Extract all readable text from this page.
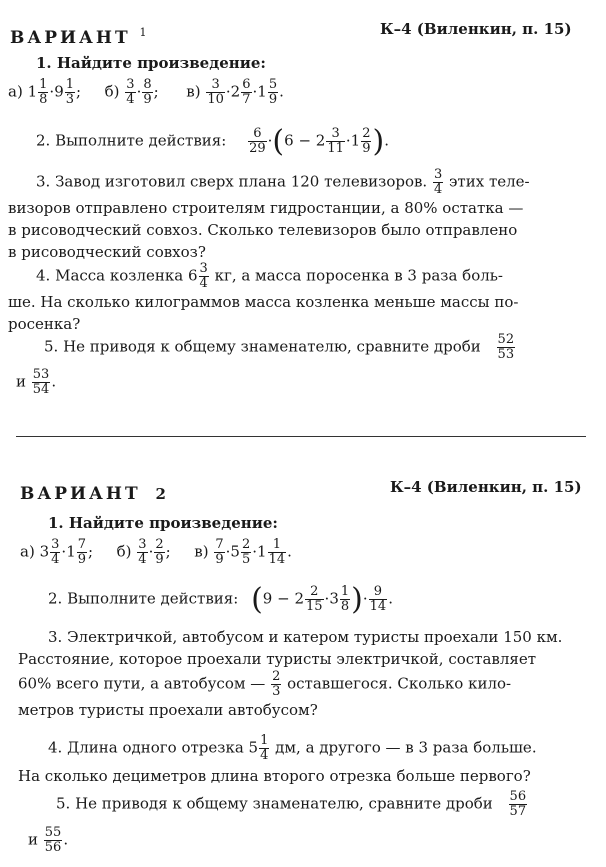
ВАРИАНТ $^1$	К–4 (Виленкин, п. 15)
1. Найдите произведение:
а) $1 \frac{1}{8} \cdot 9 \frac{1}{3}$ ; $б) \frac{3}{4} \cdot \frac{8}{9}$ ; $в) \frac{3}{10} \cdot 2 \frac{6}{7} \cdot 1 \frac{5}{9}$ .
2. Выполните действия: $\frac{6}{29} \cdot(6 - 2 \frac{3}{11} \cdot 1 \frac{2}{9}$ ).
3. Завод изготовил сверх плана 120 телевизоров. $\frac{3}{4}$ этих теле-
визоров отправлено строителям гидростанции, а 80% остатка —
в рисоводческий совхоз. Сколько телевизоров было отправлено
в рисоводческий совхоз?
4. Масса козленка $6 \frac{3}{4}$ кг, а масса поросенка в 3 раза боль-
ше. На сколько килограммов масса козленка меньше массы по-
росенка?
5. Не приводя к общему знаменателю, сравните дроби $\frac{52}{53}$
и $\frac{53}{54}$ .
ВАРИАНТ 2	К–4 (Виленкин, п. 15)
1. Найдите произведение:
а) $3 \frac{3}{4} \cdot 1 \frac{7}{9}$ ; $б) \frac{3}{4} \cdot \frac{2}{9}$ ; $в) \frac{7}{9} \cdot 5 \frac{2}{5} \cdot 1 \frac{1}{14}$ .
2. Выполните действия: ($9 - 2 \frac{2}{15} \cdot 3 \frac{1}{8}$ )· $\frac{9}{14}$ .
3. Электричкой, автобусом и катером туристы проехали 150 км.
Расстояние, которое проехали туристы электричкой, составляет
60% всего пути, а автобусом — $\frac{2}{3}$ оставшегося. Сколько кило-
метров туристы проехали автобусом?
4. Длина одного отрезка $5 \frac{1}{4}$ дм, а другого — в 3 раза больше.
На сколько дециметров длина второго отрезка больше первого?
5. Не приводя к общему знаменателю, сравните дроби $\frac{56}{57}$
и $\frac{55}{56}$ .
